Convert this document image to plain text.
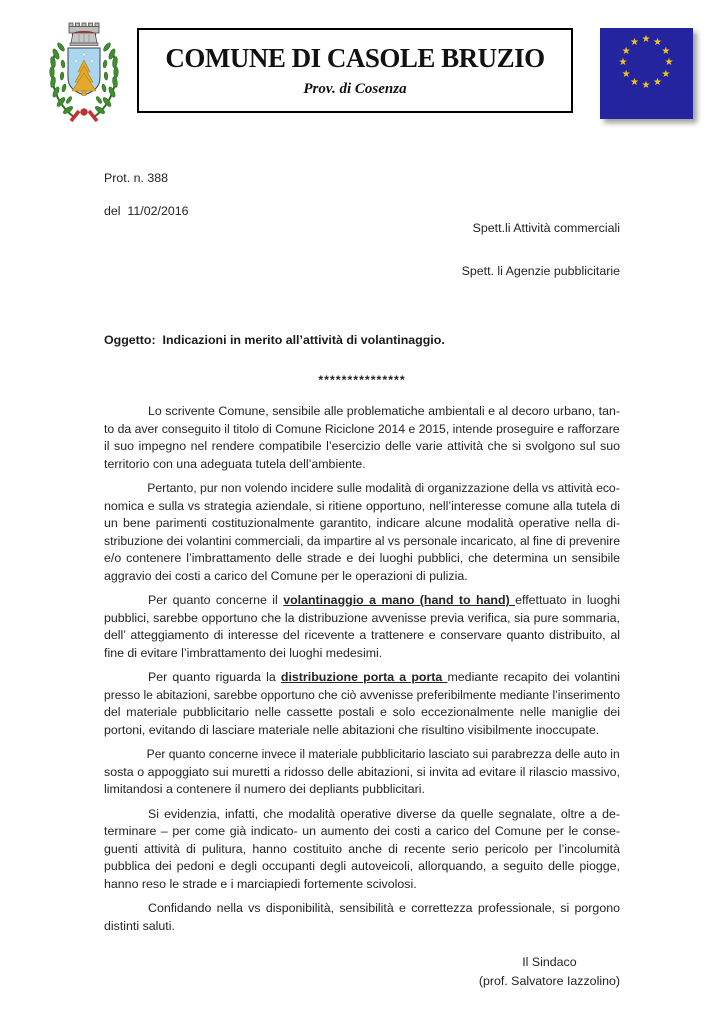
COMUNE DI CASOLE BRUZIO
Prov. di Cosenza
★ ★
★
★
★
★
★
★
★
★
★
★
Prot. n. 388
del  11/02/2016
Spett.li Attività commerciali
Spett. li Agenzie pubblicitarie
Oggetto:  Indicazioni in merito all’attività di volantinaggio.
***************
Lo scrivente Comune, sensibile alle problematiche ambientali e al decoro urbano, tan-
to da aver conseguito il titolo di Comune Riciclone 2014 e 2015, intende proseguire e rafforzare
il suo impegno nel rendere compatibile l’esercizio delle varie attività che si svolgono sul suo
territorio con una adeguata tutela dell’ambiente.
Pertanto, pur non volendo incidere sulle modalità di organizzazione della vs attività eco-
nomica e sulla vs strategia aziendale, si ritiene opportuno, nell’interesse comune alla tutela di
un bene parimenti costituzionalmente garantito, indicare alcune modalità operative nella di-
stribuzione dei volantini commerciali, da impartire al vs personale incaricato, al fine di prevenire
e/o contenere l’imbrattamento delle strade e dei luoghi pubblici, che determina un sensibile
aggravio dei costi a carico del Comune per le operazioni di pulizia.
Per quanto concerne il volantinaggio a mano (hand to hand) effettuato in luoghi
pubblici, sarebbe opportuno che la distribuzione avvenisse previa verifica, sia pure sommaria,
dell’ atteggiamento di interesse del ricevente a trattenere e conservare quanto distribuito, al
fine di evitare l’imbrattamento dei luoghi medesimi.
Per quanto riguarda la distribuzione porta a porta mediante recapito dei volantini
presso le abitazioni, sarebbe opportuno che ciò avvenisse preferibilmente mediante l’inserimento
del materiale pubblicitario nelle cassette postali e solo eccezionalmente nelle maniglie dei
portoni, evitando di lasciare materiale nelle abitazioni che risultino visibilmente inoccupate.
Per quanto concerne invece il materiale pubblicitario lasciato sui parabrezza delle auto in
sosta o appoggiato sui muretti a ridosso delle abitazioni, si invita ad evitare il rilascio massivo,
limitandosi a contenere il numero dei depliants pubblicitari.
Si evidenzia, infatti, che modalità operative diverse da quelle segnalate, oltre a de-
terminare – per come già indicato- un aumento dei costi a carico del Comune per le conse-
guenti attività di pulitura, hanno costituito anche di recente serio pericolo per l’incolumità
pubblica dei pedoni e degli occupanti degli autoveicoli, allorquando, a seguito delle piogge,
hanno reso le strade e i marciapiedi fortemente scivolosi.
Confidando nella vs disponibilità, sensibilità e correttezza professionale, si porgono
distinti saluti.
Il Sindaco
(prof. Salvatore Iazzolino)
